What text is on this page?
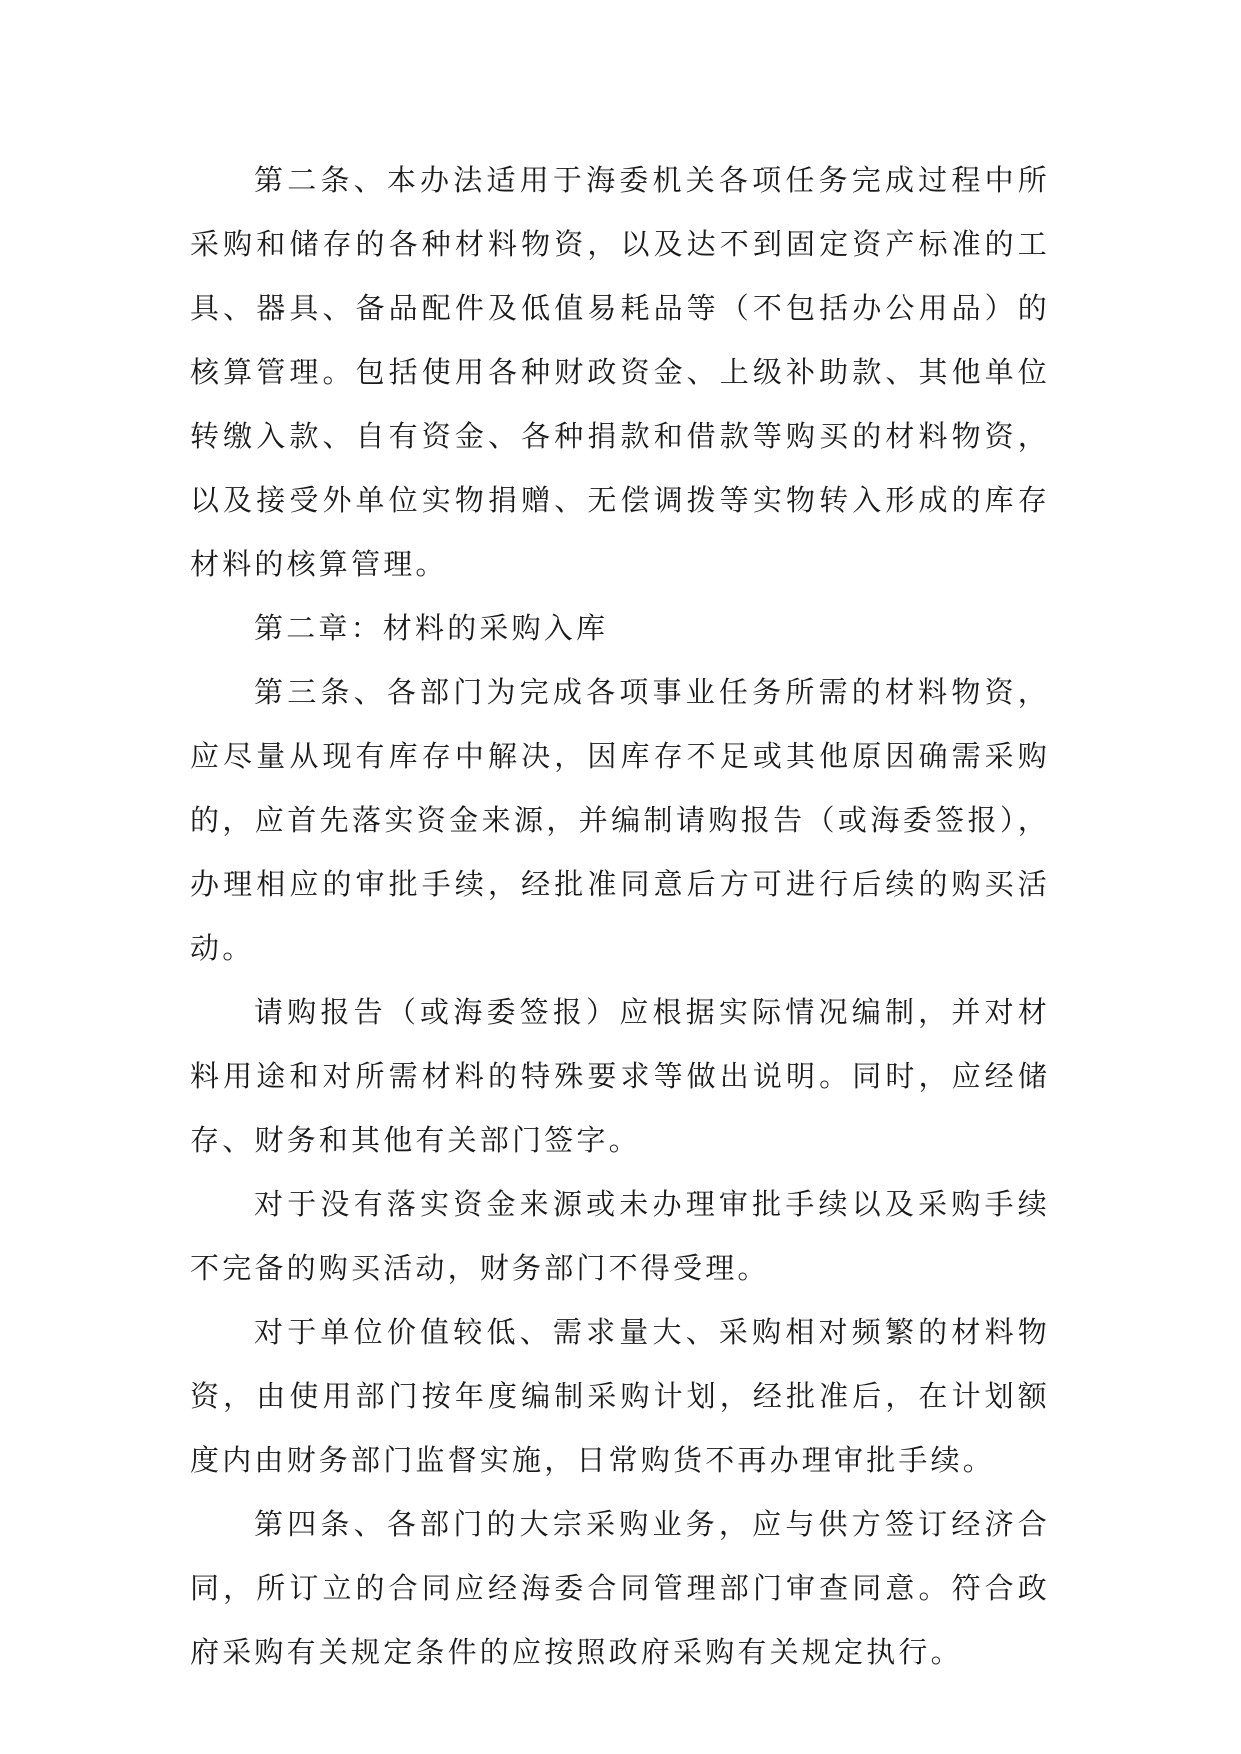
第二条、本办法适用于海委机关各项任务完成过程中所采购和储存的各种材料物资，以及达不到固定资产标准的工具、器具、备品配件及低值易耗品等（不包括办公用品）的核算管理。包括使用各种财政资金、上级补助款、其他单位转缴入款、自有资金、各种捐款和借款等购买的材料物资，以及接受外单位实物捐赠、无偿调拨等实物转入形成的库存材料的核算管理。

第二章：材料的采购入库

第三条、各部门为完成各项事业任务所需的材料物资，应尽量从现有库存中解决，因库存不足或其他原因确需采购的，应首先落实资金来源，并编制请购报告（或海委签报），办理相应的审批手续，经批准同意后方可进行后续的购买活动。

请购报告（或海委签报）应根据实际情况编制，并对材料用途和对所需材料的特殊要求等做出说明。同时，应经储存、财务和其他有关部门签字。

对于没有落实资金来源或未办理审批手续以及采购手续不完备的购买活动，财务部门不得受理。

对于单位价值较低、需求量大、采购相对频繁的材料物资，由使用部门按年度编制采购计划，经批准后，在计划额度内由财务部门监督实施，日常购货不再办理审批手续。

第四条、各部门的大宗采购业务，应与供方签订经济合同，所订立的合同应经海委合同管理部门审查同意。符合政府采购有关规定条件的应按照政府采购有关规定执行。
